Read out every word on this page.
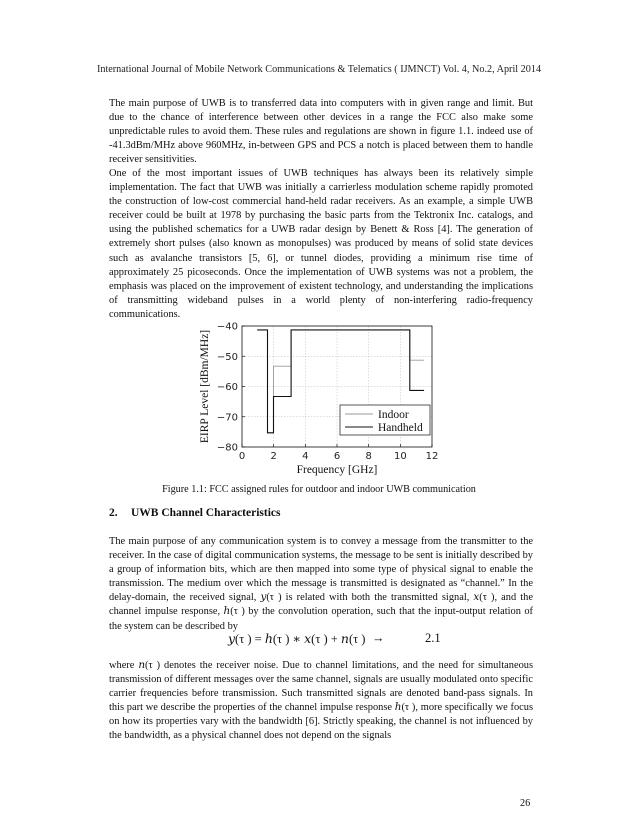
International Journal of Mobile Network Communications & Telematics ( IJMNCT) Vol. 4, No.2, April 2014

The main purpose of UWB is to transferred data into computers with in given range and limit. But due to the chance of interference between other devices in a range the FCC also make some unpredictable rules to avoid them. These rules and regulations are shown in figure 1.1. indeed use of -41.3dBm/MHz above 960MHz, in-between GPS and PCS a notch is placed between them to handle receiver sensitivities.

One of the most important issues of UWB techniques has always been its relatively simple implementation. The fact that UWB was initially a carrierless modulation scheme rapidly promoted the construction of low-cost commercial hand-held radar receivers. As an example, a simple UWB receiver could be built at 1978 by purchasing the basic parts from the Tektronix Inc. catalogs, and using the published schematics for a UWB radar design by Benett & Ross [4]. The generation of extremely short pulses (also known as monopulses) was produced by means of solid state devices such as avalanche transistors [5, 6], or tunnel diodes, providing a minimum rise time of approximately 25 picoseconds. Once the implementation of UWB systems was not a problem, the emphasis was placed on the improvement of existent technology, and understanding the implications of transmitting wideband pulses in a world plenty of non-interfering radio-frequency communications.

0	2	4	6	8 10 12
−80
−70
−60
−50
−40
Frequency [GHz]
EIRP Level [dBm/MHz]	Indoor
Handheld
Figure 1.1: FCC assigned rules for outdoor and indoor UWB communication
2. UWB Channel Characteristics

The main purpose of any communication system is to convey a message from the transmitter to the receiver. In the case of digital communication systems, the message to be sent is initially described by a group of information bits, which are then mapped into some type of physical signal to enable the transmission. The medium over which the message is transmitted is designated as “channel.” In the delay-domain, the received signal, 𝑦(τ ) is related with both the transmitted signal, 𝑥(τ ), and the channel impulse response, ℎ(τ ) by the convolution operation, such that the input-output relation of the system can be described by

𝑦(τ ) = ℎ(τ ) ∗ 𝑥(τ ) + 𝑛(τ ) →	2.1

where 𝑛(τ ) denotes the receiver noise. Due to channel limitations, and the need for simultaneous transmission of different messages over the same channel, signals are usually modulated onto specific carrier frequencies before transmission. Such transmitted signals are denoted band-pass signals. In this part we describe the properties of the channel impulse response ℎ(τ ), more specifically we focus on how its properties vary with the bandwidth [6]. Strictly speaking, the channel is not influenced by the bandwidth, as a physical channel does not depend on the signals

26
